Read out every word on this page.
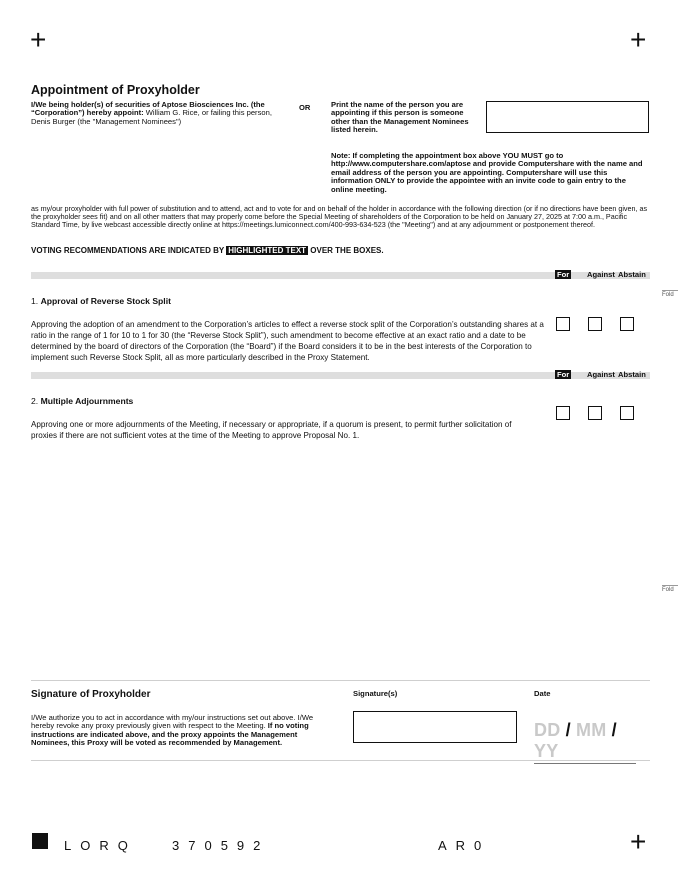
+	+
+
Appointment of Proxyholder
I/We being holder(s) of securities of Aptose Biosciences Inc. (the “Corporation”) hereby appoint: William G. Rice, or failing this person, Denis Burger (the "Management Nominees")
OR	Print the name of the person you are appointing if this person is someone other than the Management Nominees listed herein.
Note: If completing the appointment box above YOU MUST go to http://www.computershare.com/aptose and provide Computershare with the name and email address of the person you are appointing. Computershare will use this information ONLY to provide the appointee with an invite code to gain entry to the online meeting.
as my/our proxyholder with full power of substitution and to attend, act and to vote for and on behalf of the holder in accordance with the following direction (or if no directions have been given, as the proxyholder sees fit) and on all other matters that may properly come before the Special Meeting of shareholders of the Corporation to be held on January 27, 2025 at 7:00 a.m., Pacific Standard Time, by live webcast accessible directly online at https://meetings.lumiconnect.com/400-993-634-523 (the "Meeting") and at any adjournment or postponement thereof.
VOTING RECOMMENDATIONS ARE INDICATED BY HIGHLIGHTED TEXT OVER THE BOXES.
For Against Abstain
Fold
1. Approval of Reverse Stock Split
Approving the adoption of an amendment to the Corporation’s articles to effect a reverse stock split of the Corporation’s outstanding shares at a ratio in the range of 1 for 10 to 1 for 30 (the “Reverse Stock Split”), such amendment to become effective at an exact ratio and a date to be determined by the board of directors of the Corporation (the “Board”) if the Board considers it to be in the best interests of the Corporation to implement such Reverse Stock Split, all as more particularly described in the Proxy Statement.
For Against Abstain
2. Multiple Adjournments
Approving one or more adjournments of the Meeting, if necessary or appropriate, if a quorum is present, to permit further solicitation of proxies if there are not sufficient votes at the time of the Meeting to approve Proposal No. 1.
Fold
Signature of Proxyholder	Signature(s)	Date
I/We authorize you to act in accordance with my/our instructions set out above. I/We hereby revoke any proxy previously given with respect to the Meeting. If no voting instructions are indicated above, and the proxy appoints the Management Nominees, this Proxy will be voted as recommended by Management.
DD / MM / YY
LORQ	370592	AR0
